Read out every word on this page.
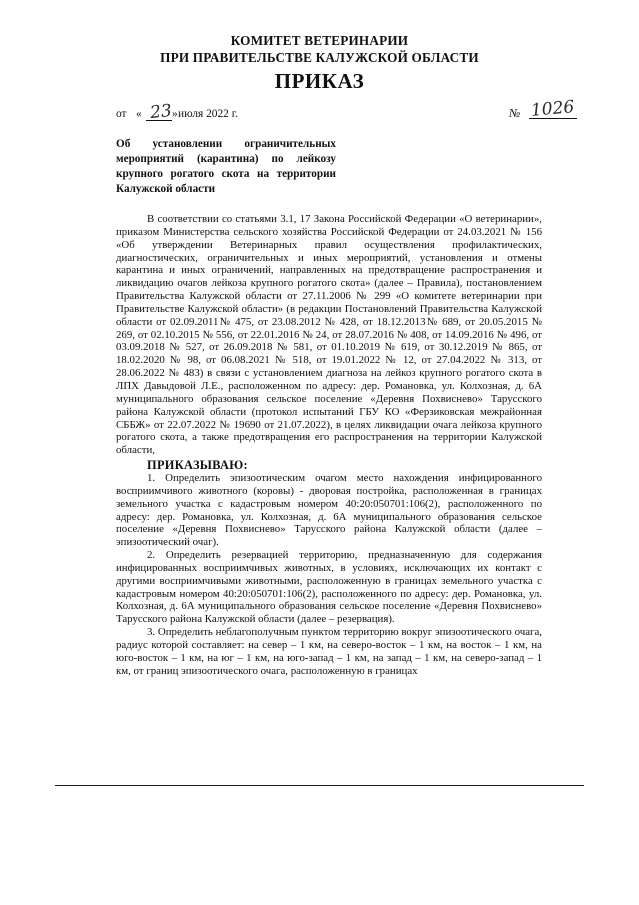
КОМИТЕТ ВЕТЕРИНАРИИ
ПРИ ПРАВИТЕЛЬСТВЕ КАЛУЖСКОЙ ОБЛАСТИ
ПРИКАЗ
от « 23 » июля 2022 г.	№ 1026
Об установлении ограничительных мероприятий (карантина) по лейкозу крупного рогатого скота на территории Калужской области

В соответствии со статьями 3.1, 17 Закона Российской Федерации «О ветеринарии», приказом Министерства сельского хозяйства Российской Федерации от 24.03.2021 № 156 «Об утверждении Ветеринарных правил осуществления профилактических, диагностических, ограничительных и иных мероприятий, установления и отмены карантина и иных ограничений, направленных на предотвращение распространения и ликвидацию очагов лейкоза крупного рогатого скота» (далее – Правила), постановлением Правительства Калужской области от 27.11.2006 № 299 «О комитете ветеринарии при Правительстве Калужской области» (в редакции Постановлений Правительства Калужской области от 02.09.2011№ 475, от 23.08.2012 № 428, от 18.12.2013№ 689, от 20.05.2015 № 269, от 02.10.2015 № 556, от 22.01.2016 № 24, от 28.07.2016 № 408, от 14.09.2016 № 496, от 03.09.2018 № 527, от 26.09.2018 № 581, от 01.10.2019 № 619, от 30.12.2019 № 865, от 18.02.2020 № 98, от 06.08.2021 № 518, от 19.01.2022 № 12, от 27.04.2022 № 313, от 28.06.2022 № 483) в связи с установлением диагноза на лейкоз крупного рогатого скота в ЛПХ Давыдовой Л.Е., расположенном по адресу: дер. Романовка, ул. Колхозная, д. 6А муниципального образования сельское поселение «Деревня Похвиснево» Тарусского района Калужской области (протокол испытаний ГБУ КО «Ферзиковская межрайонная СББЖ» от 22.07.2022 № 19690 от 21.07.2022), в целях ликвидации очага лейкоза крупного рогатого скота, а также предотвращения его распространения на территории Калужской области,

ПРИКАЗЫВАЮ:

1. Определить эпизоотическим очагом место нахождения инфицированного восприимчивого животного (коровы) - дворовая постройка, расположенная в границах земельного участка с кадастровым номером 40:20:050701:106(2), расположенного по адресу: дер. Романовка, ул. Колхозная, д. 6А муниципального образования сельское поселение «Деревня Похвиснево» Тарусского района Калужской области (далее – эпизоотический очаг).

2. Определить резервацией территорию, предназначенную для содержания инфицированных восприимчивых животных, в условиях, исключающих их контакт с другими восприимчивыми животными, расположенную в границах земельного участка с кадастровым номером 40:20:050701:106(2), расположенного по адресу: дер. Романовка, ул. Колхозная, д. 6А муниципального образования сельское поселение «Деревня Похвиснево» Тарусского района Калужской области (далее – резервация).

3. Определить неблагополучным пунктом территорию вокруг эпизоотического очага, радиус которой составляет: на север – 1 км, на северо-восток – 1 км, на восток – 1 км, на юго-восток – 1 км, на юг – 1 км, на юго-запад – 1 км, на запад – 1 км, на северо-запад – 1 км, от границ эпизоотического очага, расположенную в границах
